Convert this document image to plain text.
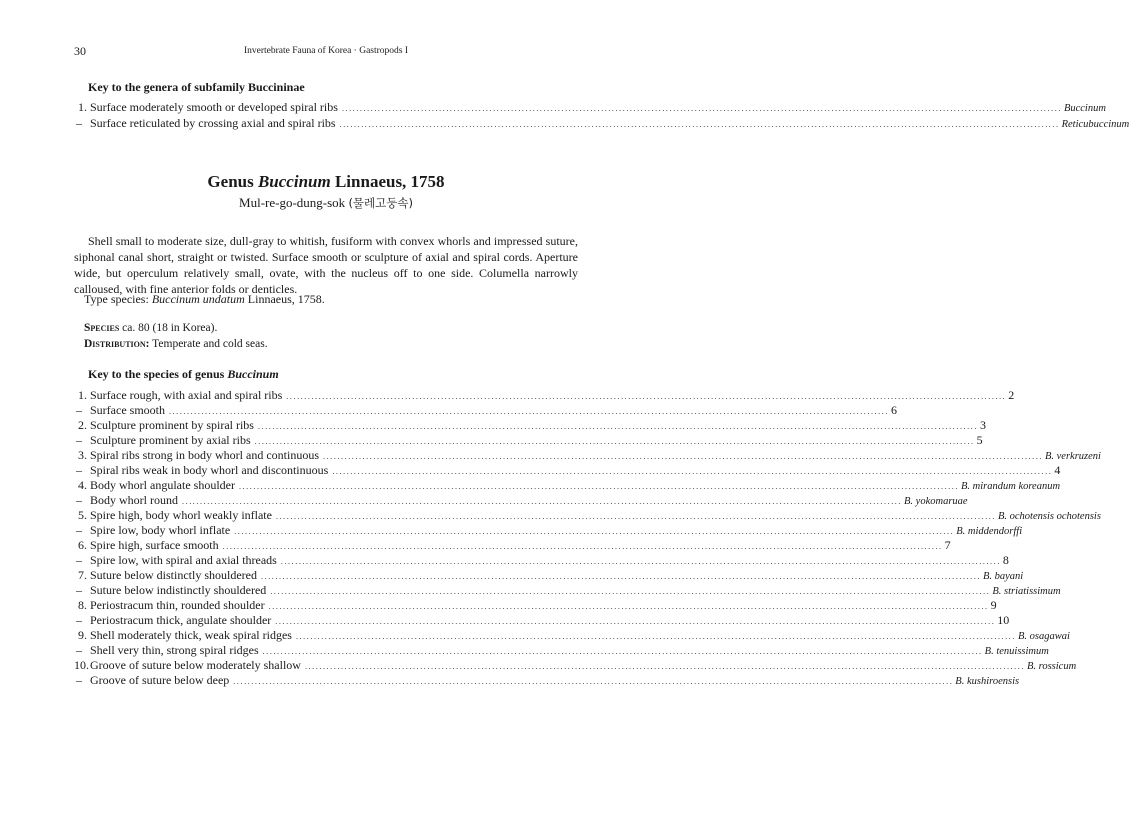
30	Invertebrate Fauna of Korea · Gastropods I
Key to the genera of subfamily Buccininae
1. Surface moderately smooth or developed spiral ribs ........................................................................................................................................................................................................ Buccinum
– Surface reticulated by crossing axial and spiral ribs ........................................................................................................................................................................................................ Reticubuccinum
Genus Buccinum Linnaeus, 1758
Mul-re-go-dung-sok (물레고둥속)

Shell small to moderate size, dull-gray to whitish, fusiform with convex whorls and impressed suture, siphonal canal short, straight or twisted. Surface smooth or sculpture of axial and spiral cords. Aperture wide, but operculum relatively small, ovate, with the nucleus off to one side. Columella narrowly calloused, with fine anterior folds or denticles.

Type species: Buccinum undatum Linnaeus, 1758.
Species ca. 80 (18 in Korea).
Distribution: Temperate and cold seas.
Key to the species of genus Buccinum
1. Surface rough, with axial and spiral ribs ........................................................................................................................................................................................................ 2
– Surface smooth ........................................................................................................................................................................................................ 6
2. Sculpture prominent by spiral ribs ........................................................................................................................................................................................................ 3
– Sculpture prominent by axial ribs ........................................................................................................................................................................................................ 5
3. Spiral ribs strong in body whorl and continuous ........................................................................................................................................................................................................ B. verkruzeni
– Spiral ribs weak in body whorl and discontinuous ........................................................................................................................................................................................................ 4
4. Body whorl angulate shoulder ........................................................................................................................................................................................................ B. mirandum koreanum
– Body whorl round ........................................................................................................................................................................................................ B. yokomaruae
5. Spire high, body whorl weakly inflate ........................................................................................................................................................................................................ B. ochotensis ochotensis
– Spire low, body whorl inflate ........................................................................................................................................................................................................ B. middendorffi
6. Spire high, surface smooth ........................................................................................................................................................................................................ 7
– Spire low, with spiral and axial threads ........................................................................................................................................................................................................ 8
7. Suture below distinctly shouldered ........................................................................................................................................................................................................ B. bayani
– Suture below indistinctly shouldered ........................................................................................................................................................................................................ B. striatissimum
8. Periostracum thin, rounded shoulder ........................................................................................................................................................................................................ 9
– Periostracum thick, angulate shoulder ........................................................................................................................................................................................................ 10
9. Shell moderately thick, weak spiral ridges ........................................................................................................................................................................................................ B. osagawai
– Shell very thin, strong spiral ridges ........................................................................................................................................................................................................ B. tenuissimum
10. Groove of suture below moderately shallow ........................................................................................................................................................................................................ B. rossicum
– Groove of suture below deep ........................................................................................................................................................................................................ B. kushiroensis
